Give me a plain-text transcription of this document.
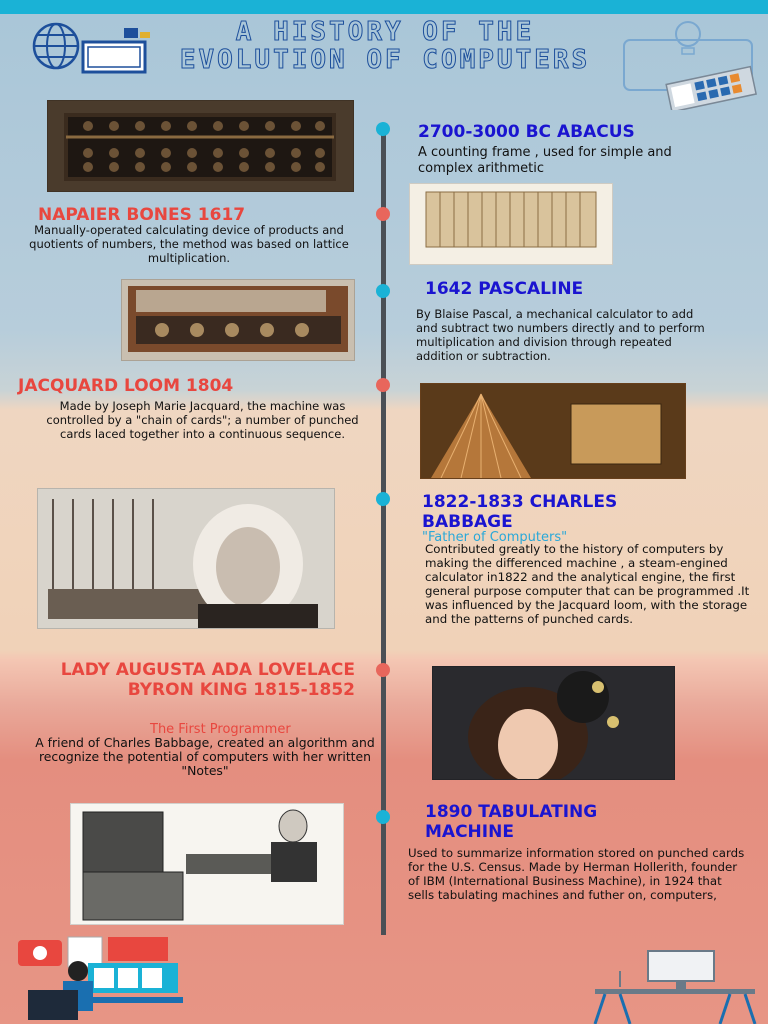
A HISTORY OF THE EVOLUTION OF COMPUTERS
2700-3000 BC ABACUS
A counting frame , used for simple and complex arithmetic
NAPAIER BONES 1617
Manually-operated calculating device of products and quotients of numbers, the method was based on lattice multiplication.
1642 PASCALINE
By Blaise Pascal, a mechanical calculator to add and subtract two numbers directly and to perform multiplication and division through repeated addition or subtraction.
JACQUARD LOOM 1804
Made by Joseph Marie Jacquard, the machine was controlled by a "chain of cards"; a number of punched cards laced together into a continuous sequence.
1822-1833 CHARLES BABBAGE
"Father of Computers"
Contributed greatly to the history of computers by making the differenced machine , a steam-engined calculator in1822 and the analytical engine, the first general purpose computer that can be programmed .It was influenced by the Jacquard loom, with the storage and the patterns of punched cards.
LADY AUGUSTA ADA LOVELACE BYRON KING 1815-1852
The First Programmer
A friend of Charles Babbage, created an algorithm and recognize the potential of computers with her written "Notes"
1890 TABULATING MACHINE
Used to summarize information stored on punched cards for the U.S. Census. Made by Herman Hollerith, founder of IBM (International Business Machine), in 1924 that sells tabulating machines and futher on, computers,
